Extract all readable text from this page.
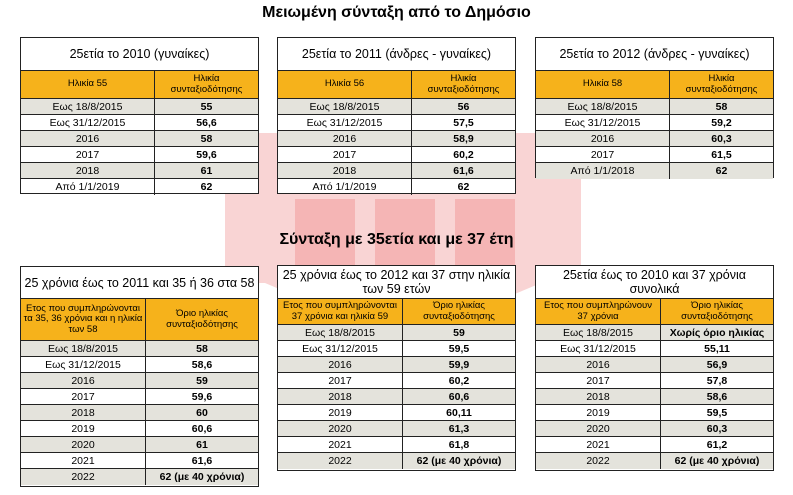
Μειωμένη σύνταξη από το Δημόσιο
25ετία το 2010 (γυναίκες)
Ηλικία 55	Ηλικία συνταξιοδότησης
Εως 18/8/2015	55
Εως 31/12/2015	56,6
2016	58
2017	59,6
2018	61
Από 1/1/2019	62
25ετία το 2011 (άνδρες - γυναίκες)
Ηλικία 56	Ηλικία συνταξιοδότησης
Εως 18/8/2015	56
Εως 31/12/2015	57,5
2016	58,9
2017	60,2
2018	61,6
Από 1/1/2019	62
25ετία το 2012 (άνδρες - γυναίκες)
Ηλικία 58	Ηλικία συνταξιοδότησης
Εως 18/8/2015	58
Εως 31/12/2015	59,2
2016	60,3
2017	61,5
Από 1/1/2018	62
Σύνταξη με 35ετία και με 37 έτη
25 χρόνια έως το 2011 και 35 ή 36 στα 58
Ετος που συμπληρώνονται τα 35, 36 χρόνια και η ηλικία των 58
Όριο ηλικίας συνταξιοδότησης
Εως 18/8/2015	58
Εως 31/12/2015	58,6
2016	59
2017	59,6
2018	60
2019	60,6
2020	61
2021	61,6
2022	62 (με 40 χρόνια)
25 χρόνια έως το 2012 και 37 στην ηλικία των 59 ετών
Ετος που συμπληρώνονται 37 χρόνια και ηλικία 59
Όριο ηλικίας συνταξιοδότησης
Εως 18/8/2015	59
Εως 31/12/2015	59,5
2016	59,9
2017	60,2
2018	60,6
2019	60,11
2020	61,3
2021	61,8
2022	62 (με 40 χρόνια)
25ετία έως το 2010 και 37 χρόνια συνολικά
Ετος που συμπληρώνουν 37 χρόνια
Όριο ηλικίας συνταξιοδότησης
Εως 18/8/2015	Χωρίς όριο ηλικίας
Εως 31/12/2015	55,11
2016	56,9
2017	57,8
2018	58,6
2019	59,5
2020	60,3
2021	61,2
2022	62 (με 40 χρόνια)
